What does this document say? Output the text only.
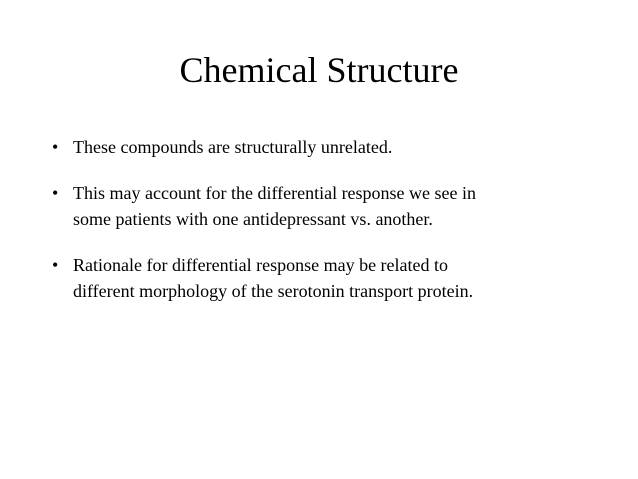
Chemical Structure
• These compounds are structurally unrelated.
• This may account for the differential response we see in
some patients with one antidepressant vs. another.
• Rationale for differential response may be related to
different morphology of the serotonin transport protein.
